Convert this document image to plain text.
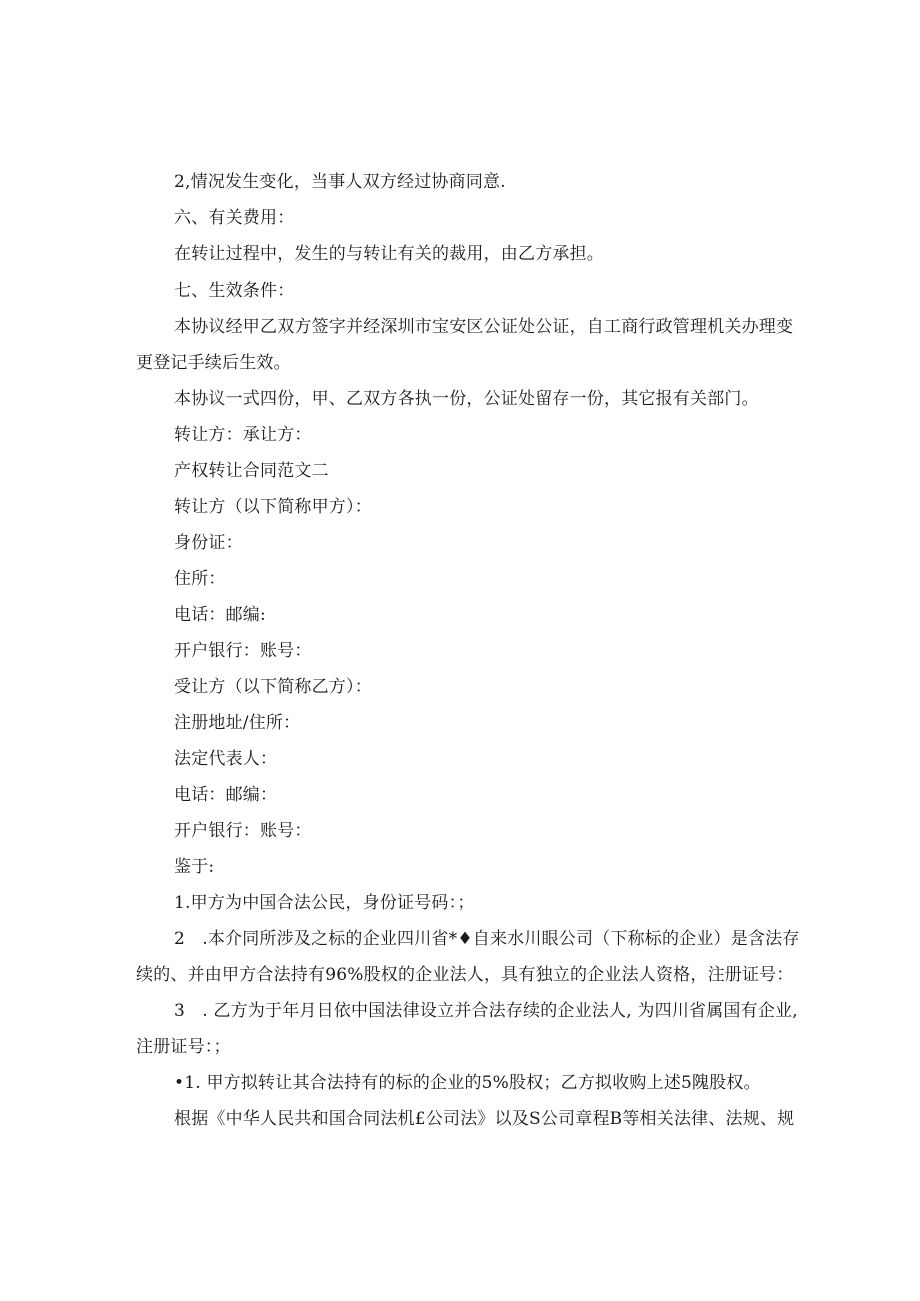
2,情况发生变化，当事人双方经过协商同意.
六、有关费用：
在转让过程中，发生的与转让有关的裁用，由乙方承担。
七、生效条件：
本协议经甲乙双方签字并经深圳市宝安区公证处公证，自工商行政管理机关办理变
更登记手续后生效。
本协议一式四份，甲、乙双方各执一份，公证处留存一份，其它报有关部门。
转让方：承让方：
产权转让合同范文二
转让方（以下简称甲方）：
身份证：
住所：
电话：邮编:
开户银行：账号：
受让方（以下简称乙方）：
注册地址/住所：
法定代表人：
电话：邮编：
开户银行：账号：
鉴于:
1.甲方为中国合法公民，身份证号码：；
2　.本介同所涉及之标的企业四川省*♦自来水川眼公司（下称标的企业）是含法存
续的、并由甲方合法持有96%股权的企业法人，具有独立的企业法人资格，注册证号：
3　. 乙方为于年月日依中国法律设立并合法存续的企业法人, 为四川省属国有企业,
注册证号：；
•1. 甲方拟转让其合法持有的标的企业的5%股权；乙方拟收购上述5隗股权。
根据《中华人民共和国合同法机£公司法》以及S公司章程B等相关法律、法规、规
